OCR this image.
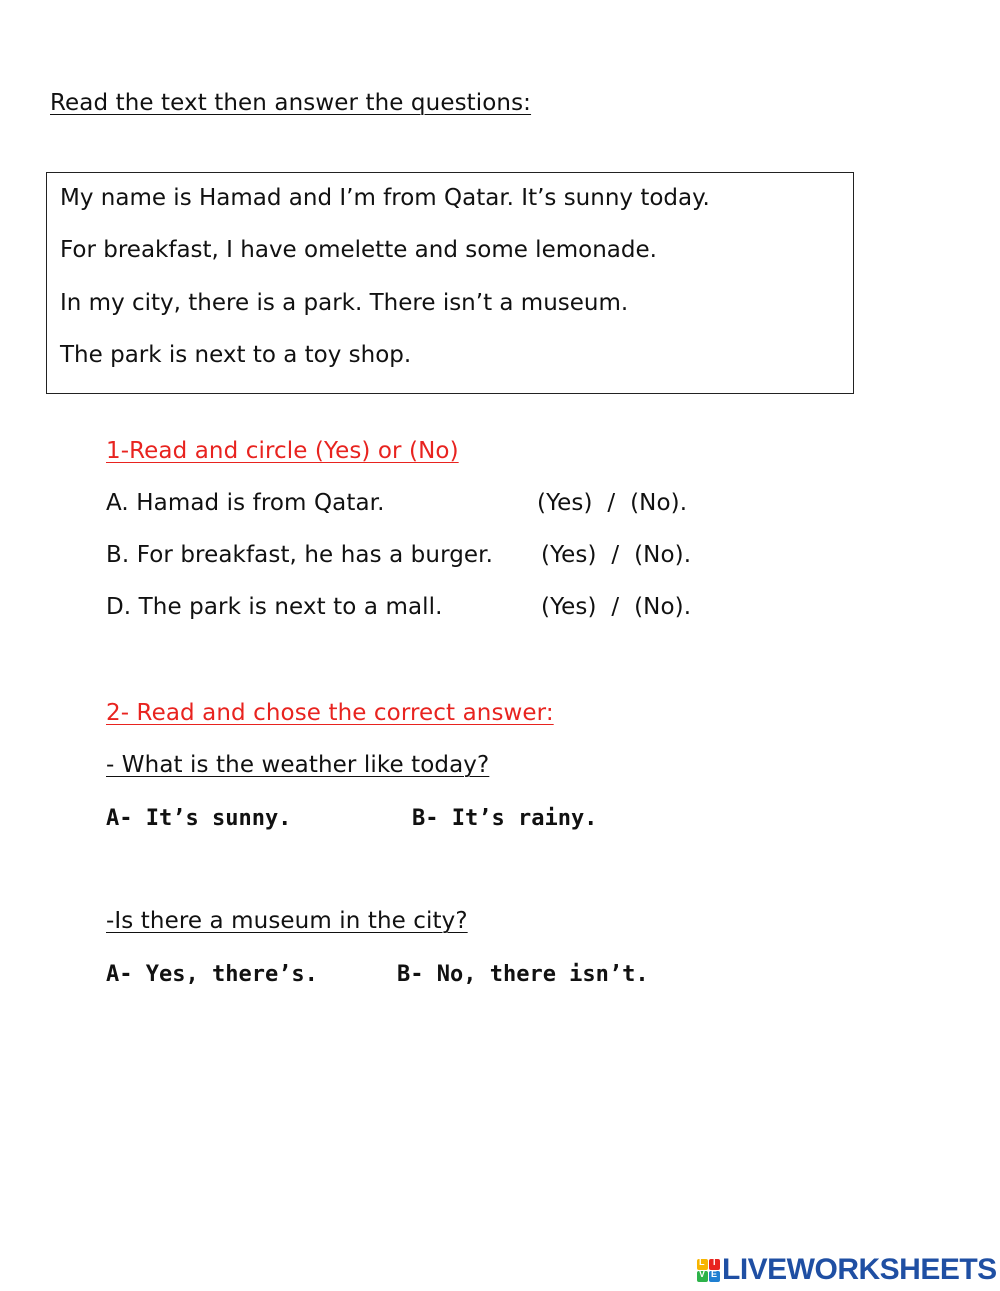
Read the text then answer the questions:
My name is Hamad and I’m from Qatar. It’s sunny today.
For breakfast, I have omelette and some lemonade.
In my city, there is a park. There isn’t a museum.
The park is next to a toy shop.
1-Read and circle (Yes) or (No)
A. Hamad is from Qatar.	(Yes)  /  (No).
B. For breakfast, he has a burger. (Yes)  /  (No).
D. The park is next to a mall.	(Yes)  /  (No).
2- Read and chose the correct answer:
- What is the weather like today?
A- It’s sunny.	B- It’s rainy.
-Is there a museum in the city?
A- Yes, there’s.	B- No, there isn’t.
L I
V E LIVEWORKSHEETS
